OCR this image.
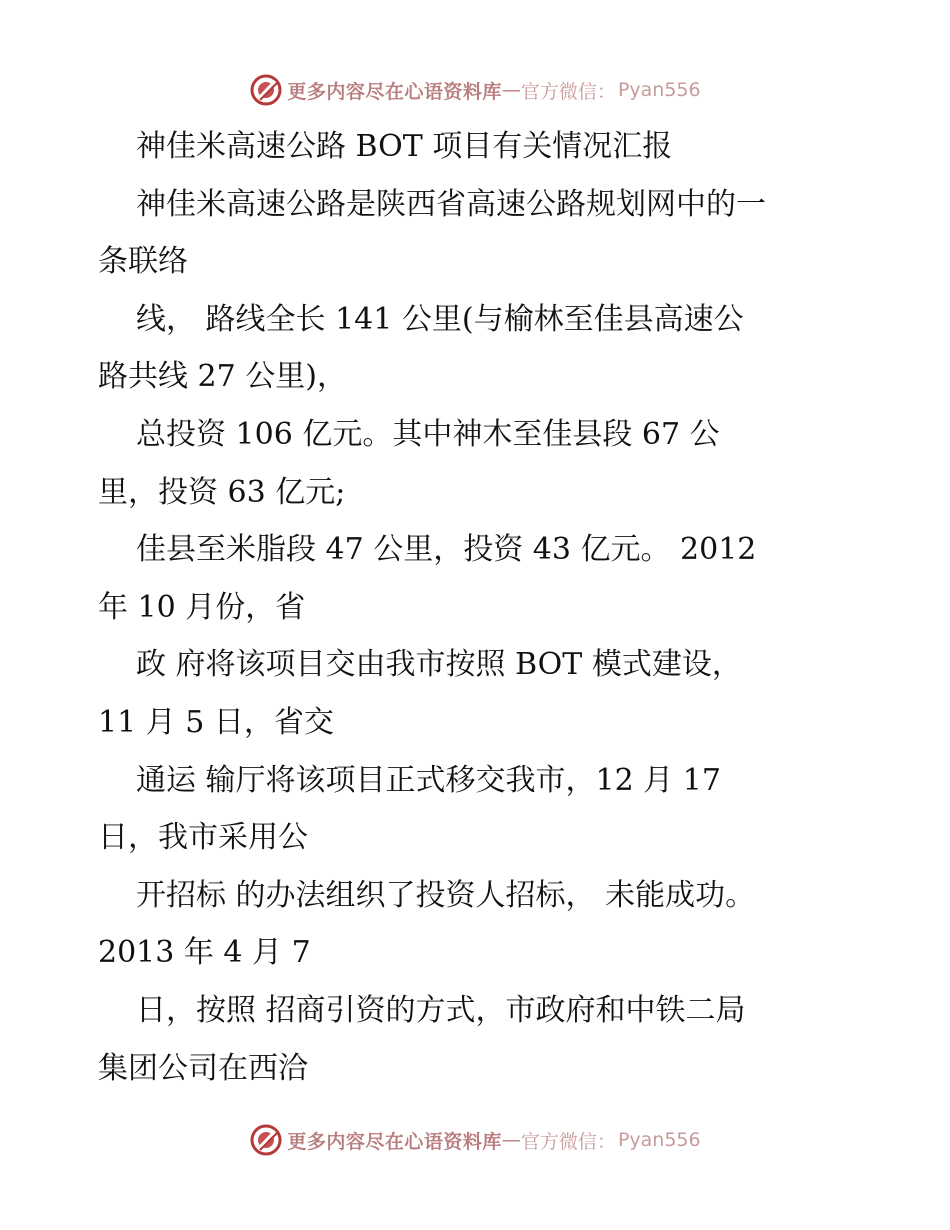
更多内容尽在心语资料库 — 官方微信： Pyan556
神佳米高速公路 BOT 项目有关情况汇报
神佳米高速公路是陕西省高速公路规划网中的一
条联络
线， 路线全长 141 公里(与榆林至佳县高速公
路共线 27 公里)，
总投资 106 亿元。其中神木至佳县段 67 公
里，投资 63 亿元;
佳县至米脂段 47 公里，投资 43 亿元。 2012
年 10 月份，省
政 府将该项目交由我市按照 BOT 模式建设，
11 月 5 日，省交
通运 输厅将该项目正式移交我市，12 月 17
日，我市采用公
开招标 的办法组织了投资人招标， 未能成功。
2013 年 4 月 7
日，按照 招商引资的方式，市政府和中铁二局
集团公司在西洽
更多内容尽在心语资料库 — 官方微信： Pyan556
